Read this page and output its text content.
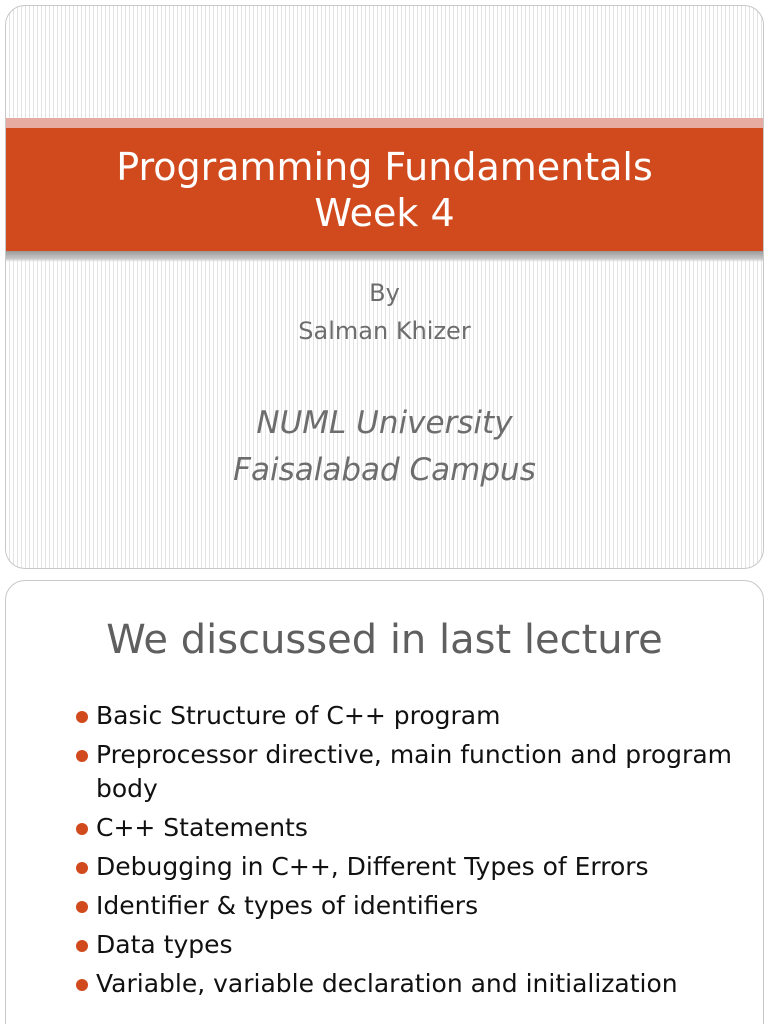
Programming Fundamentals
Week 4
By
Salman Khizer
NUML University
Faisalabad Campus
We discussed in last lecture
Basic Structure of C++ program
Preprocessor directive, main function and program body
C++ Statements
Debugging in C++, Different Types of Errors
Identifier & types of identifiers
Data types
Variable, variable declaration and initialization
